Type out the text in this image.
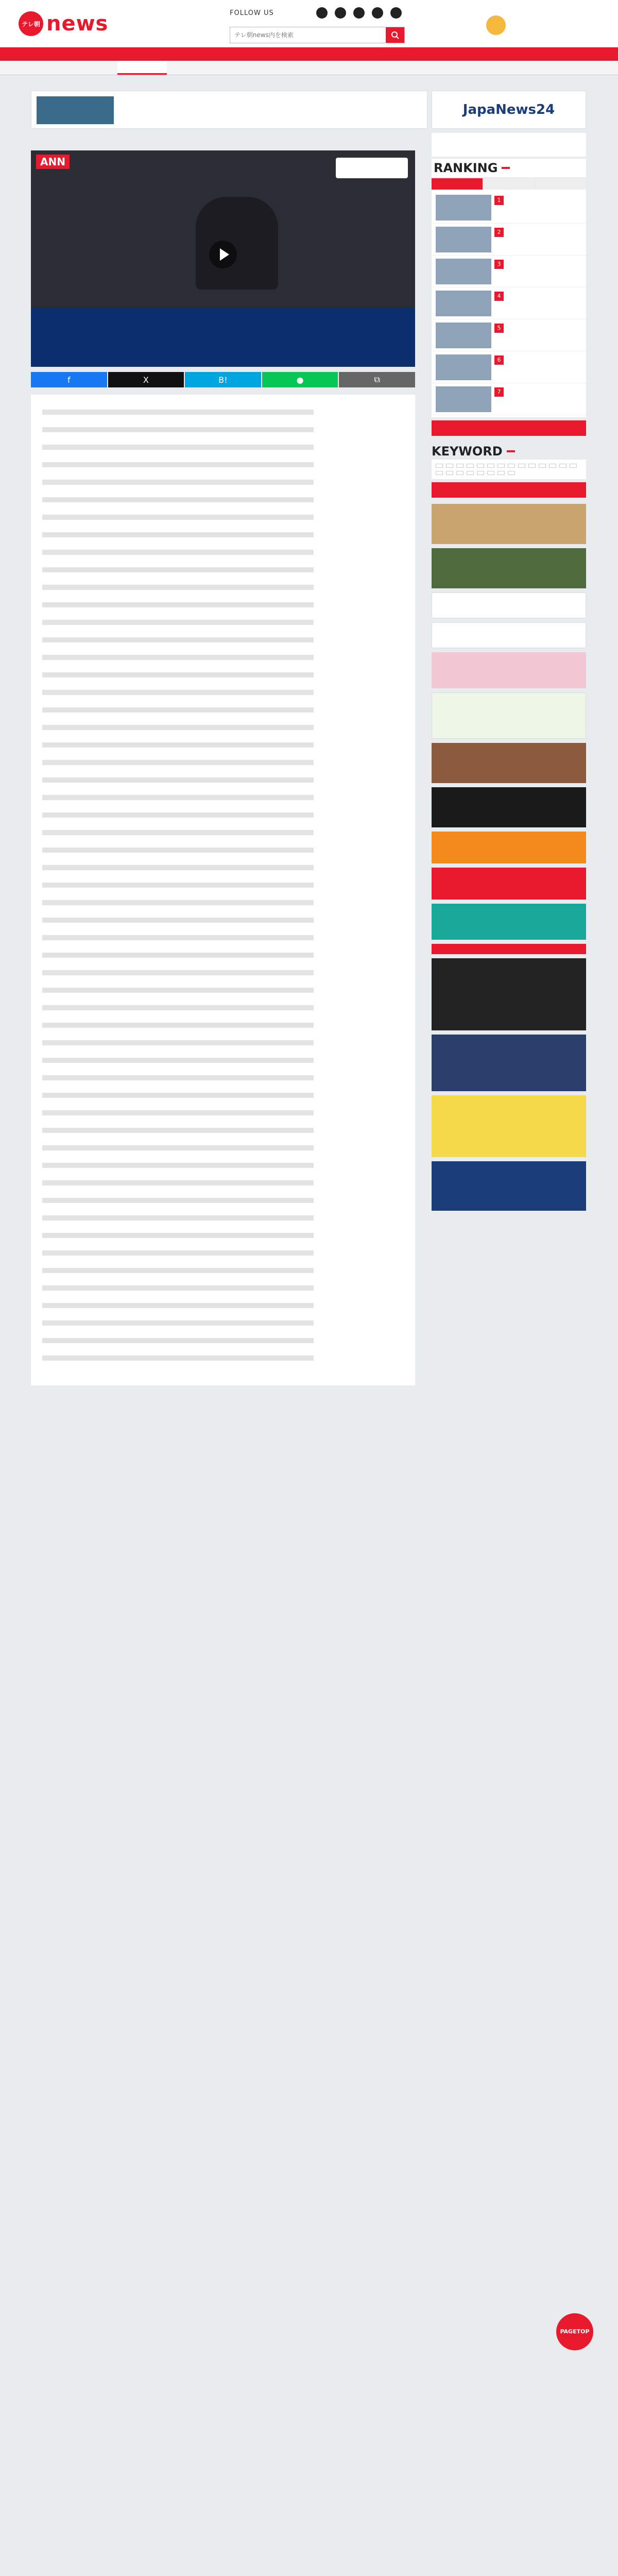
テレ朝 news	FOLLOW US
テレ朝news内を検索
JapaNews24
RANKING
1
2
3
4
5
6
7
KEYWORD
ANN
f	X	B!	●	⧉

PAGETOP
